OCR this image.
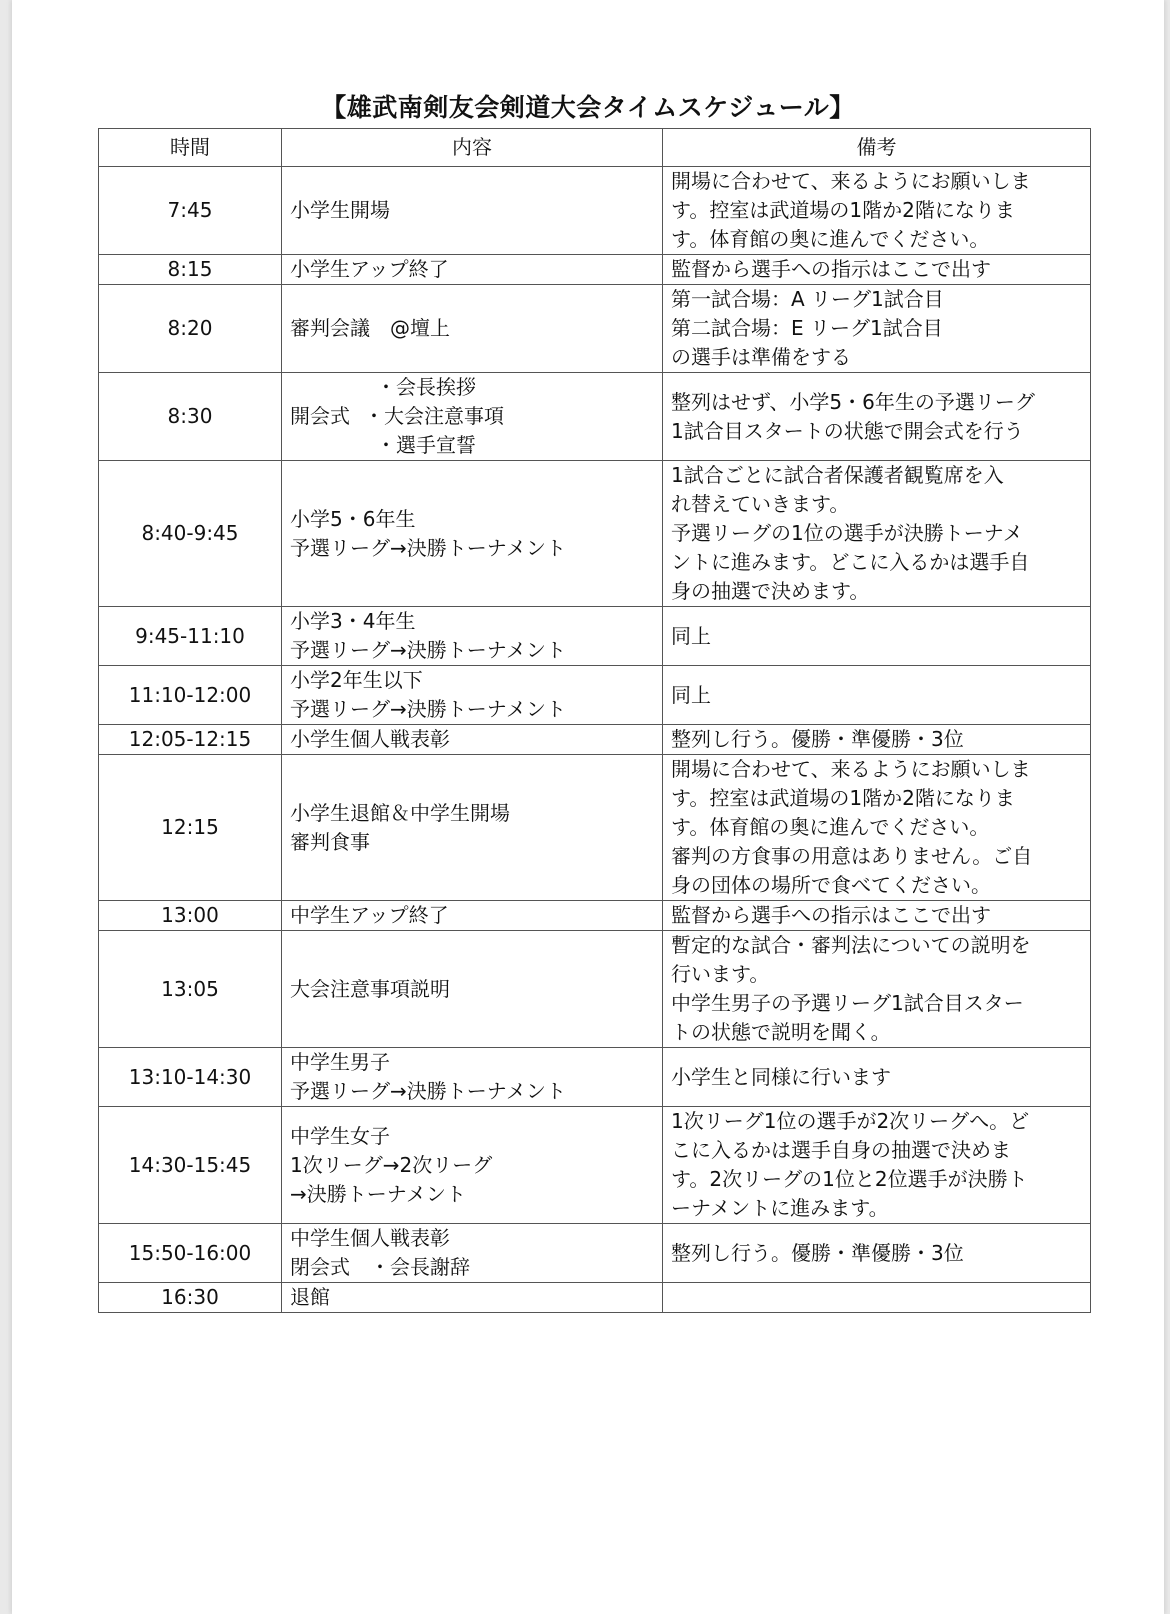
【雄武南剣友会剣道大会タイムスケジュール】
時間	内容	備考
7:45	小学生開場	開場に合わせて、来るようにお願いしま
す。控室は武道場の1階か2階になりま
す。体育館の奥に進んでください。

8:15	小学生アップ終了	監督から選手への指示はここで出す

8:20	審判会議　@壇上	第一試合場：A リーグ1試合目
第二試合場：E リーグ1試合目
の選手は準備をする

8:30	・会長挨拶
開会式 ・大会注意事項
・選手宣誓	整列はせず、小学5・6年生の予選リーグ
1試合目スタートの状態で開会式を行う

8:40-9:45	小学5・6年生
予選リーグ→決勝トーナメント	1試合ごとに試合者保護者観覧席を入
れ替えていきます。
予選リーグの1位の選手が決勝トーナメ
ントに進みます。どこに入るかは選手自
身の抽選で決めます。

9:45-11:10	小学3・4年生
予選リーグ→決勝トーナメント	同上

11:10-12:00	小学2年生以下
予選リーグ→決勝トーナメント	同上

12:05-12:15	小学生個人戦表彰	整列し行う。優勝・準優勝・3位

12:15	小学生退館＆中学生開場
審判食事	開場に合わせて、来るようにお願いしま
す。控室は武道場の1階か2階になりま
す。体育館の奥に進んでください。
審判の方食事の用意はありません。ご自
身の団体の場所で食べてください。

13:00	中学生アップ終了	監督から選手への指示はここで出す

13:05	大会注意事項説明	暫定的な試合・審判法についての説明を
行います。
中学生男子の予選リーグ1試合目スター
トの状態で説明を聞く。

13:10-14:30	中学生男子
予選リーグ→決勝トーナメント	小学生と同様に行います

14:30-15:45	中学生女子
1次リーグ→2次リーグ
→決勝トーナメント	1次リーグ1位の選手が2次リーグへ。ど
こに入るかは選手自身の抽選で決めま
す。2次リーグの1位と2位選手が決勝ト
ーナメントに進みます。

15:50-16:00	中学生個人戦表彰
閉会式　・会長謝辞	整列し行う。優勝・準優勝・3位

16:30	退館	
